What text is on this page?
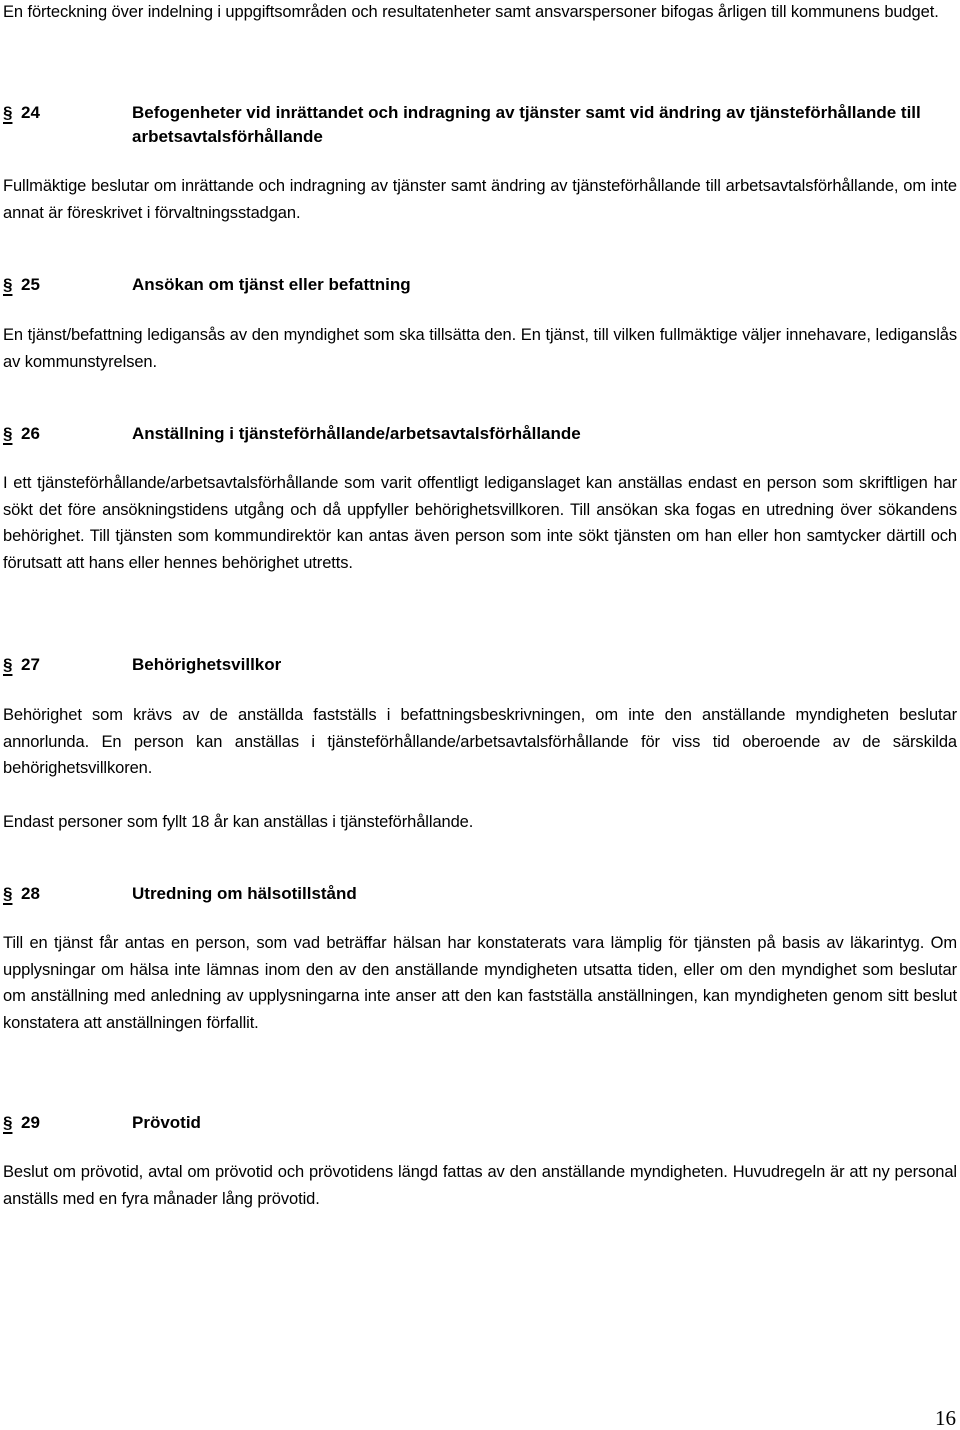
En förteckning över indelning i uppgiftsområden och resultatenheter samt ansvarspersoner bifogas årligen till kommunens budget.

§ 24	Befogenheter vid inrättandet och indragning av tjänster samt vid ändring av tjänsteförhållande till arbetsavtalsförhållande

Fullmäktige beslutar om inrättande och indragning av tjänster samt ändring av tjänsteförhållande till arbetsavtalsförhållande, om inte annat är föreskrivet i förvaltningsstadgan.

§ 25	Ansökan om tjänst eller befattning

En tjänst/befattning ledigansås av den myndighet som ska tillsätta den. En tjänst, till vilken fullmäktige väljer innehavare, lediganslås av kommunstyrelsen.

§ 26	Anställning i tjänsteförhållande/arbetsavtalsförhållande

I ett tjänsteförhållande/arbetsavtalsförhållande som varit offentligt lediganslaget kan anställas endast en person som skriftligen har sökt det före ansökningstidens utgång och då uppfyller behörighetsvillkoren. Till ansökan ska fogas en utredning över sökandens behörighet. Till tjänsten som kommundirektör kan antas även person som inte sökt tjänsten om han eller hon samtycker därtill och förutsatt att hans eller hennes behörighet utretts.

§ 27	Behörighetsvillkor

Behörighet som krävs av de anställda fastställs i befattningsbeskrivningen, om inte den anställande myndigheten beslutar annorlunda. En person kan anställas i tjänsteförhållande/arbetsavtalsförhållande för viss tid oberoende av de särskilda behörighetsvillkoren.

Endast personer som fyllt 18 år kan anställas i tjänsteförhållande.

§ 28	Utredning om hälsotillstånd

Till en tjänst får antas en person, som vad beträffar hälsan har konstaterats vara lämplig för tjänsten på basis av läkarintyg. Om upplysningar om hälsa inte lämnas inom den av den anställande myndigheten utsatta tiden, eller om den myndighet som beslutar om anställning med anledning av upplysningarna inte anser att den kan fastställa anställningen, kan myndigheten genom sitt beslut konstatera att anställningen förfallit.

§ 29	Prövotid

Beslut om prövotid, avtal om prövotid och prövotidens längd fattas av den anställande myndigheten. Huvudregeln är att ny personal anställs med en fyra månader lång prövotid.

16
